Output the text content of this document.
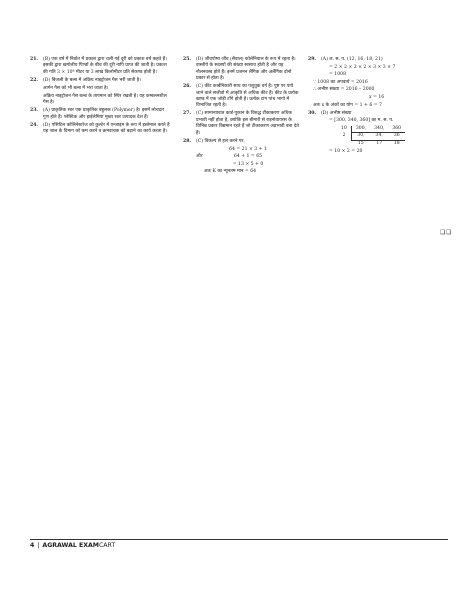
21. (B) एक वर्ष में निर्वात में प्रकाश द्वारा चली गई दूरी को प्रकाश वर्ष कहते हैं। इसकी द्वारा खगोलीय पिण्डों के बीच की दूरी नापि प्राप्त की जाती है। प्रकाश की गति 3 × 10⁸ मीटर या 3 लाख किलोमीटर प्रति सेकण्ड होती है।

22. (D) बिजली के बल्ब में अक्रिय नाइट्रोजन गैस भरी जाती है।

आर्गन गैस को भी बल्ब में भरा जाता है।

अक्रिय नाइट्रोजन गैस बल्ब के तापमान को स्थिर रखती है। यह कम्बलनशील गैस है।

23. (A) प्राकृतिक रबर एक प्राकृतिक बहुलक (Polymer) है। इसमें लोचदार गुण होते हैं। प्लेस्टिक और हाईलेमिया मुख्य रबर उत्पादक देश हैं।

24. (D) एसिटिल कोलिनेस्टरेज को कुल्टेर में एन्जाइम के रूप में इस्तेमाल करते हैं यह जाल के दिमाग को कम करने व क्रमवाचक को बढ़ाने का कार्य करता है।

25. (D) जीवपोष्य जीव (सैवाल) कोलेनियाल के रूप में रहता है। वास्तीये के सदस्यों की संख्या स्वसाथ होती है और यह नौलनवस्व होते हैं। इनमें प्रजनन लैंगिक और अलैंगिक दोनों प्रकार से होता है।

26. (C) कीट कार्बनिकारी साथ का पशुधुक वर्ग है। पुष्ट पर पाये जाने वाले सजीवो में आकृति से अधिक कीट हैं। कीट के प्रत्येक खण्ड में एक जोड़ी टाँगे होती है। प्रत्येक टांग पांच भागो में विभाजित रहती है।

27. (C) सामान्यावात कार्ड-पुकान के विरुद्ध टीकाकरण अधिक प्रभावी नहीं होता है, क्योकि इस बीमारी से राइनोवायरस के विभिन्न प्रकार विद्यमान रहते हैं जो टीकाकरण अप्रभावी बना देते हैं।

28. (C) विकल्प से हल करने पर,

64 = 21 × 3 + 1
और	64 + 1 = 65
= 13 × 5 + 0

अतः K का न्यूनतम मान = 64

29. (A) ल. स. प. (12, 16, 18, 21)
= 2 × 2 × 2 × 2 × 3 × 3 × 7
= 1008
∵ 1008 का अपवर्त्य = 2016
∴ अभीष्ट संख्या = 2016 – 2000
x = 16
अतः x के अंकों का योग = 1 + 6 = 7
30. (D) अभीष्ट संख्या
= [300, 340, 360] का म. स. प.
10	300,	340,	360
2	30,	34,	36
	15	17	18
= 10 × 2 = 20
❑❑
4 | AGRAWAL EXAMCART
